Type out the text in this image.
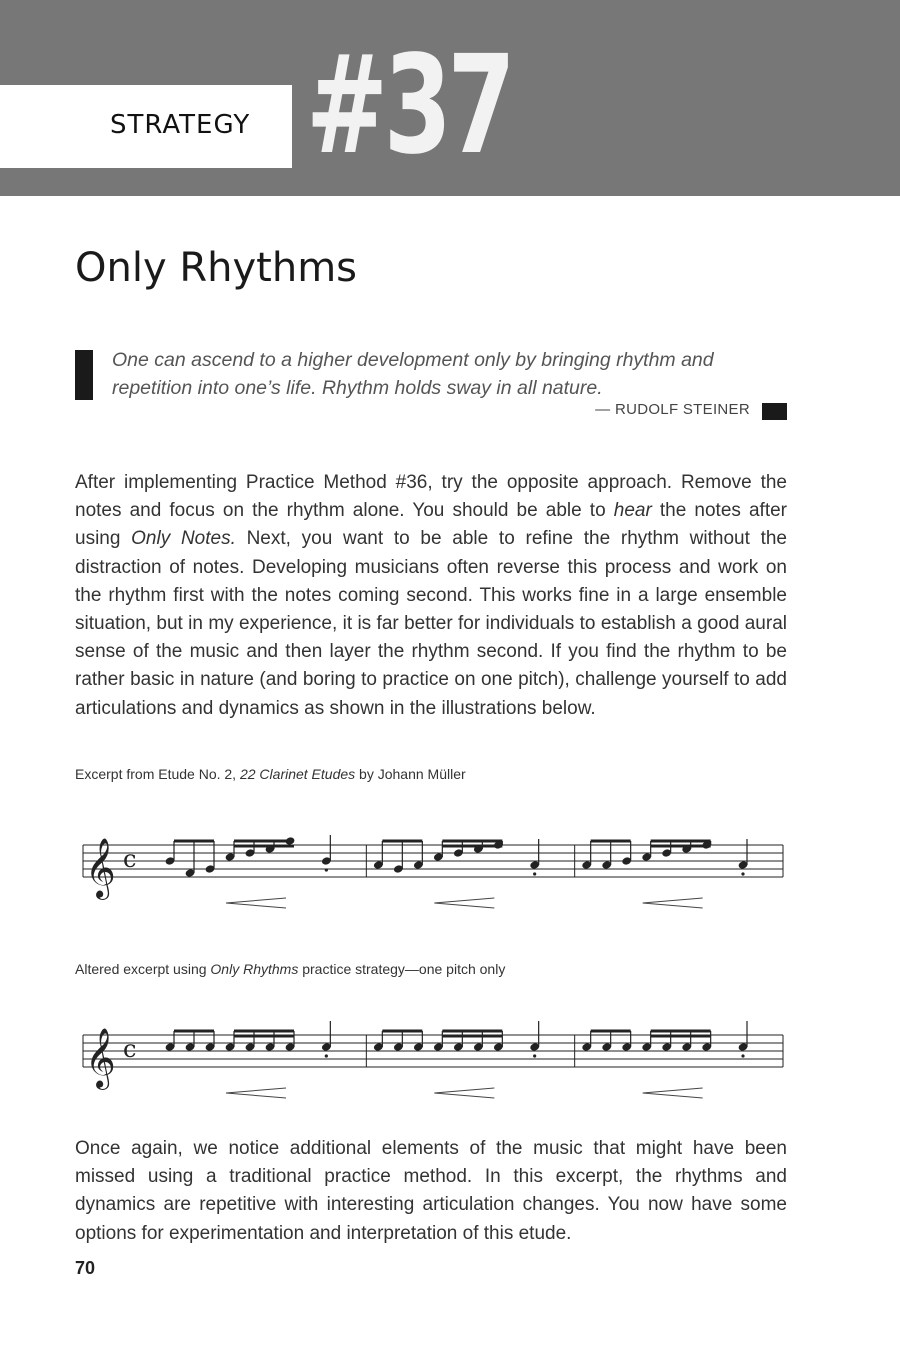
STRATEGY #37
Only Rhythms
One can ascend to a higher development only by bringing rhythm and repetition into one’s life. Rhythm holds sway in all nature.
— RUDOLF STEINER

After implementing Practice Method #36, try the opposite approach. Remove the notes and focus on the rhythm alone. You should be able to hear the notes after using Only Notes. Next, you want to be able to refine the rhythm without the distraction of notes. Developing musicians often reverse this process and work on the rhythm first with the notes coming second. This works fine in a large ensemble situation, but in my experience, it is far better for individuals to establish a good aural sense of the music and then layer the rhythm second. If you find the rhythm to be rather basic in nature (and boring to practice on one pitch), challenge yourself to add articulations and dynamics as shown in the illustrations below.

Excerpt from Etude No. 2, 22 Clarinet Etudes by Johann Müller

𝄞 c

Altered excerpt using Only Rhythms practice strategy—one pitch only

𝄞 c

Once again, we notice additional elements of the music that might have been missed using a traditional practice method. In this excerpt, the rhythms and dynamics are repetitive with interesting articulation changes. You now have some options for experimentation and interpretation of this etude.

70
